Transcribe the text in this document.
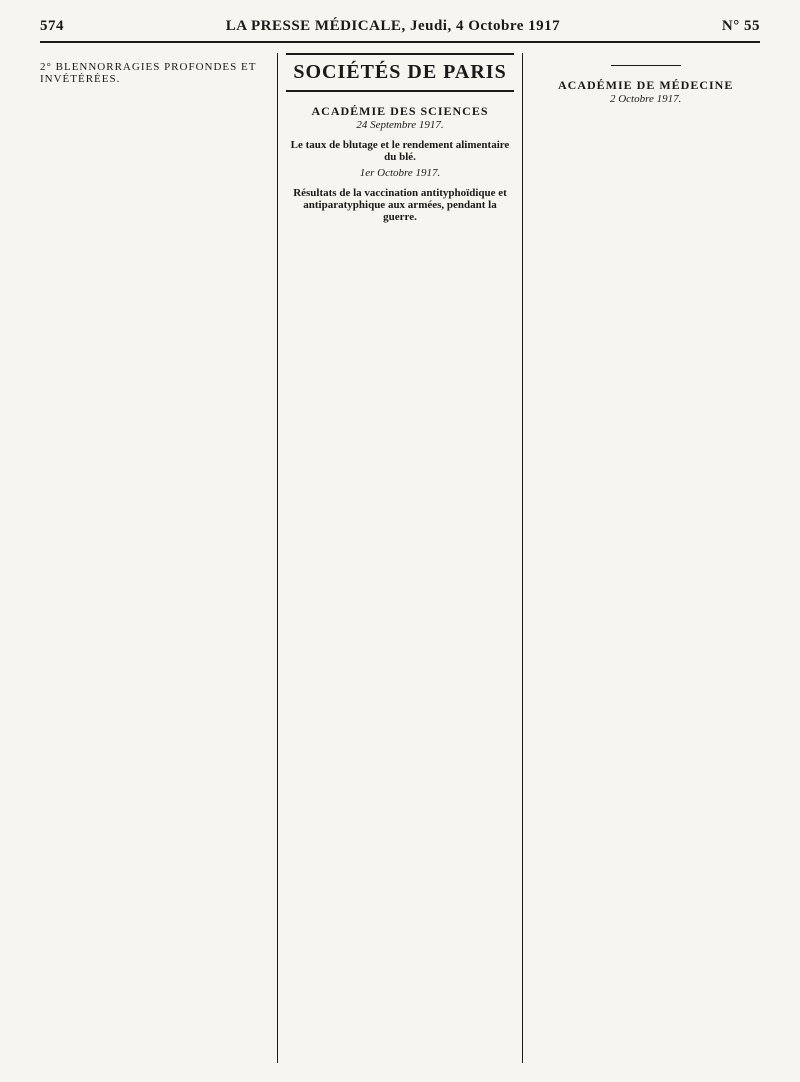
574	LA PRESSE MÉDICALE, Jeudi, 4 Octobre 1917	N° 55
2° BLENNORRAGIES PROFONDES ET INVÉTÉRÉES.	SOCIÉTÉS DE PARIS
ACADÉMIE DES SCIENCES
24 Septembre 1917.
Le taux de blutage et le rendement alimentaire du blé.
1er Octobre 1917.
Résultats de la vaccination antityphoïdique et antiparatyphique aux armées, pendant la guerre.
ACADÉMIE DE MÉDECINE
2 Octobre 1917.
